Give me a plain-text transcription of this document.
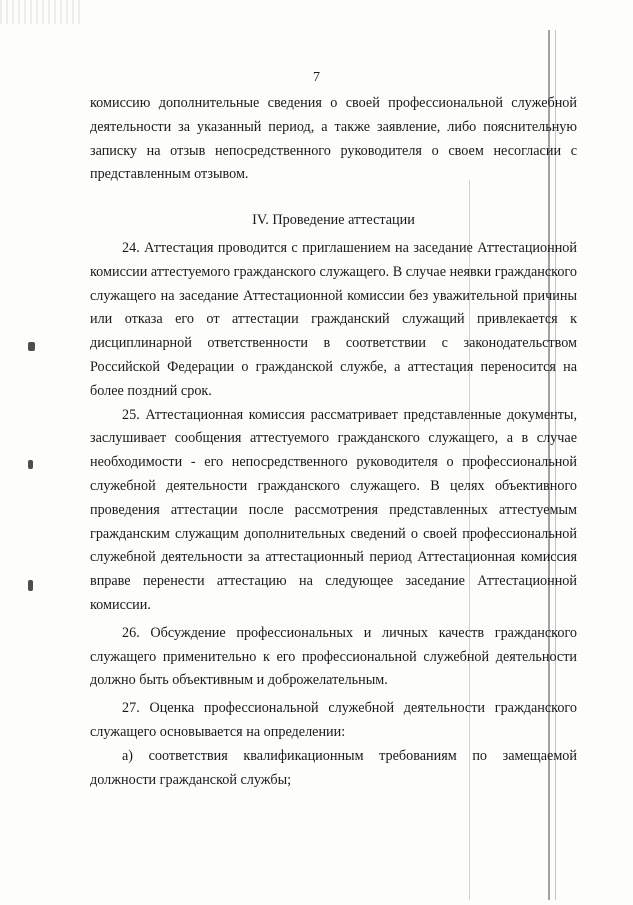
7

комиссию дополнительные сведения о своей профессиональной служебной деятельности за указанный период, а также заявление, либо пояснительную записку на отзыв непосредственного руководителя о своем несогласии с представленным отзывом.

IV. Проведение аттестации

24. Аттестация проводится с приглашением на заседание Аттестационной комиссии аттестуемого гражданского служащего. В случае неявки гражданского служащего на заседание Аттестационной комиссии без уважительной причины или отказа его от аттестации гражданский служащий привлекается к дисциплинарной ответственности в соответствии с законодательством Российской Федерации о гражданской службе, а аттестация переносится на более поздний срок.

25. Аттестационная комиссия рассматривает представленные документы, заслушивает сообщения аттестуемого гражданского служащего, а в случае необходимости - его непосредственного руководителя о профессиональной служебной деятельности гражданского служащего. В целях объективного проведения аттестации после рассмотрения представленных аттестуемым гражданским служащим дополнительных сведений о своей профессиональной служебной деятельности за аттестационный период Аттестационная комиссия вправе перенести аттестацию на следующее заседание Аттестационной комиссии.

26. Обсуждение профессиональных и личных качеств гражданского служащего применительно к его профессиональной служебной деятельности должно быть объективным и доброжелательным.

27. Оценка профессиональной служебной деятельности гражданского служащего основывается на определении:

а) соответствия квалификационным требованиям по замещаемой должности гражданской службы;
